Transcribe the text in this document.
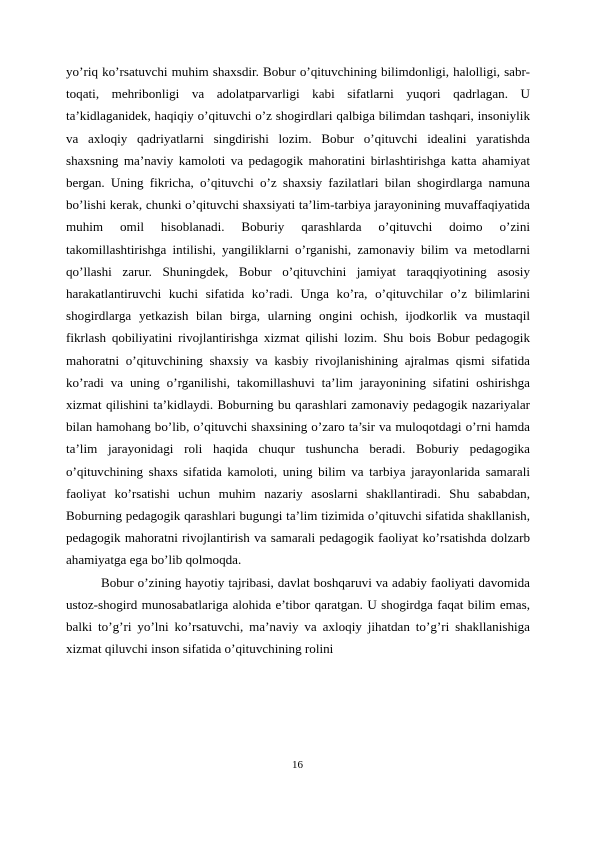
yo’riq ko’rsatuvchi muhim shaxsdir. Bobur o’qituvchining bilimdonligi, halolligi, sabr-toqati, mehribonligi va adolatparvarligi kabi sifatlarni yuqori qadrlagan. U ta’kidlaganidek, haqiqiy o’qituvchi o’z shogirdlari qalbiga bilimdan tashqari, insoniylik va axloqiy qadriyatlarni singdirishi lozim. Bobur o’qituvchi idealini yaratishda shaxsning ma’naviy kamoloti va pedagogik mahoratini birlashtirishga katta ahamiyat bergan. Uning fikricha, o’qituvchi o’z shaxsiy fazilatlari bilan shogirdlarga namuna bo’lishi kerak, chunki o’qituvchi shaxsiyati ta’lim-tarbiya jarayonining muvaffaqiyatida muhim omil hisoblanadi. Boburiy qarashlarda o’qituvchi doimo o’zini takomillashtirishga intilishi, yangiliklarni o’rganishi, zamonaviy bilim va metodlarni qo’llashi zarur. Shuningdek, Bobur o’qituvchini jamiyat taraqqiyotining asosiy harakatlantiruvchi kuchi sifatida ko’radi. Unga ko’ra, o’qituvchilar o’z bilimlarini shogirdlarga yetkazish bilan birga, ularning ongini ochish, ijodkorlik va mustaqil fikrlash qobiliyatini rivojlantirishga xizmat qilishi lozim. Shu bois Bobur pedagogik mahoratni o’qituvchining shaxsiy va kasbiy rivojlanishining ajralmas qismi sifatida ko’radi va uning o’rganilishi, takomillashuvi ta’lim jarayonining sifatini oshirishga xizmat qilishini ta’kidlaydi. Boburning bu qarashlari zamonaviy pedagogik nazariyalar bilan hamohang bo’lib, o’qituvchi shaxsining o’zaro ta’sir va muloqotdagi o’rni hamda ta’lim jarayonidagi roli haqida chuqur tushuncha beradi. Boburiy pedagogika o’qituvchining shaxs sifatida kamoloti, uning bilim va tarbiya jarayonlarida samarali faoliyat ko’rsatishi uchun muhim nazariy asoslarni shakllantiradi. Shu sababdan, Boburning pedagogik qarashlari bugungi ta’lim tizimida o’qituvchi sifatida shakllanish, pedagogik mahoratni rivojlantirish va samarali pedagogik faoliyat ko’rsatishda dolzarb ahamiyatga ega bo’lib qolmoqda.

Bobur o’zining hayotiy tajribasi, davlat boshqaruvi va adabiy faoliyati davomida ustoz-shogird munosabatlariga alohida e’tibor qaratgan. U shogirdga faqat bilim emas, balki to’g’ri yo’lni ko’rsatuvchi, ma’naviy va axloqiy jihatdan to’g’ri shakllanishiga xizmat qiluvchi inson sifatida o’qituvchining rolini

16
